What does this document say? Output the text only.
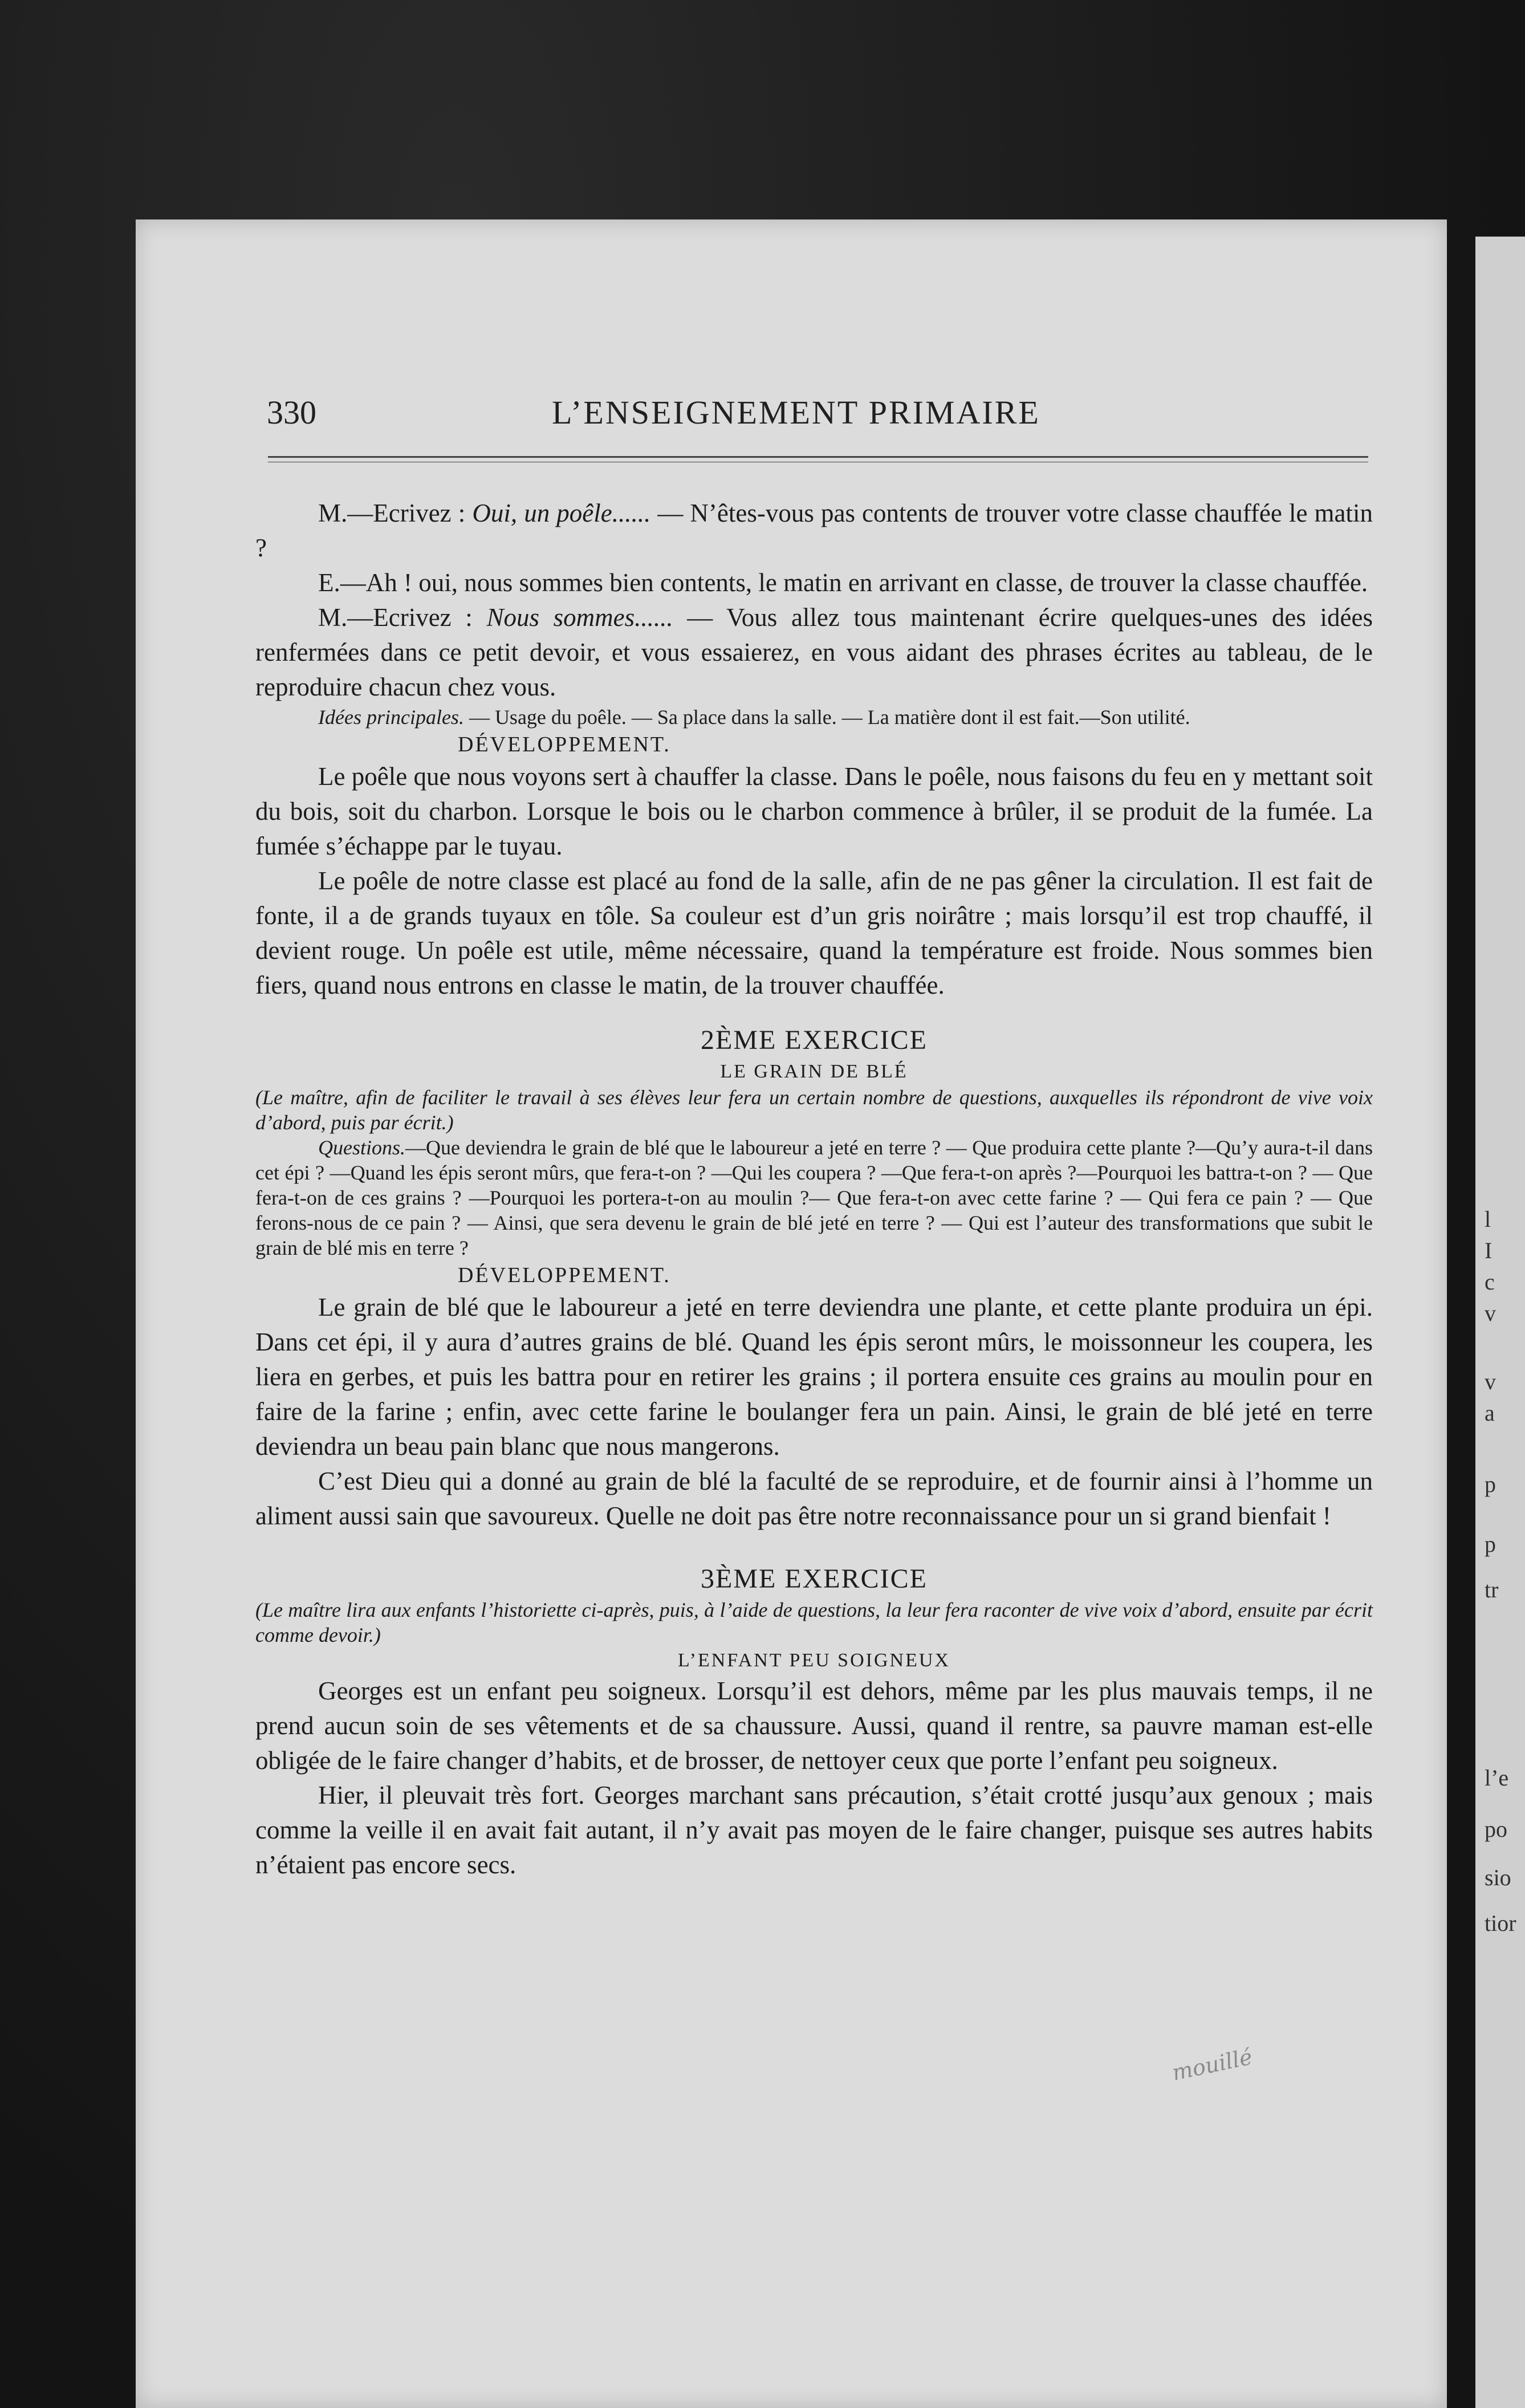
l
I
c
v
v
a
p
p
tr
l’e
po
sio
tior
330	L’ENSEIGNEMENT PRIMAIRE

M.—Ecrivez : Oui, un poêle...... — N’êtes-vous pas contents de trouver votre classe chauffée le matin ?

E.—Ah ! oui, nous sommes bien contents, le matin en arrivant en classe, de trouver la classe chauffée.

M.—Ecrivez : Nous sommes...... — Vous allez tous maintenant écrire quelques-unes des idées renfermées dans ce petit devoir, et vous essaierez, en vous aidant des phrases écrites au tableau, de le reproduire chacun chez vous.

Idées principales. — Usage du poêle. — Sa place dans la salle. — La matière dont il est fait.—Son utilité.

DÉVELOPPEMENT.

Le poêle que nous voyons sert à chauffer la classe. Dans le poêle, nous faisons du feu en y mettant soit du bois, soit du charbon. Lorsque le bois ou le charbon commence à brûler, il se produit de la fumée. La fumée s’échappe par le tuyau.

Le poêle de notre classe est placé au fond de la salle, afin de ne pas gêner la circulation. Il est fait de fonte, il a de grands tuyaux en tôle. Sa couleur est d’un gris noirâtre ; mais lorsqu’il est trop chauffé, il devient rouge. Un poêle est utile, même nécessaire, quand la température est froide. Nous sommes bien fiers, quand nous entrons en classe le matin, de la trouver chauffée.

2ÈME EXERCICE

LE GRAIN DE BLÉ

(Le maître, afin de faciliter le travail à ses élèves leur fera un certain nombre de questions, auxquelles ils répondront de vive voix d’abord, puis par écrit.)

Questions.—Que deviendra le grain de blé que le laboureur a jeté en terre ? — Que produira cette plante ?—Qu’y aura-t-il dans cet épi ? —Quand les épis seront mûrs, que fera-t-on ? —Qui les coupera ? —Que fera-t-on après ?—Pourquoi les battra-t-on ? — Que fera-t-on de ces grains ? —Pourquoi les portera-t-on au moulin ?— Que fera-t-on avec cette farine ? — Qui fera ce pain ? — Que ferons-nous de ce pain ? — Ainsi, que sera devenu le grain de blé jeté en terre ? — Qui est l’auteur des transformations que subit le grain de blé mis en terre ?

DÉVELOPPEMENT.

Le grain de blé que le laboureur a jeté en terre deviendra une plante, et cette plante produira un épi. Dans cet épi, il y aura d’autres grains de blé. Quand les épis seront mûrs, le moissonneur les coupera, les liera en gerbes, et puis les battra pour en retirer les grains ; il portera ensuite ces grains au moulin pour en faire de la farine ; enfin, avec cette farine le boulanger fera un pain. Ainsi, le grain de blé jeté en terre deviendra un beau pain blanc que nous mangerons.

C’est Dieu qui a donné au grain de blé la faculté de se reproduire, et de fournir ainsi à l’homme un aliment aussi sain que savoureux. Quelle ne doit pas être notre reconnaissance pour un si grand bienfait !

3ÈME EXERCICE

(Le maître lira aux enfants l’historiette ci-après, puis, à l’aide de questions, la leur fera raconter de vive voix d’abord, ensuite par écrit comme devoir.)

L’ENFANT PEU SOIGNEUX

Georges est un enfant peu soigneux. Lorsqu’il est dehors, même par les plus mauvais temps, il ne prend aucun soin de ses vêtements et de sa chaussure. Aussi, quand il rentre, sa pauvre maman est-elle obligée de le faire changer d’habits, et de brosser, de nettoyer ceux que porte l’enfant peu soigneux.

Hier, il pleuvait très fort. Georges marchant sans précaution, s’était crotté jusqu’aux genoux ; mais comme la veille il en avait fait autant, il n’y avait pas moyen de le faire changer, puisque ses autres habits n’étaient pas encore secs.

mouillé
